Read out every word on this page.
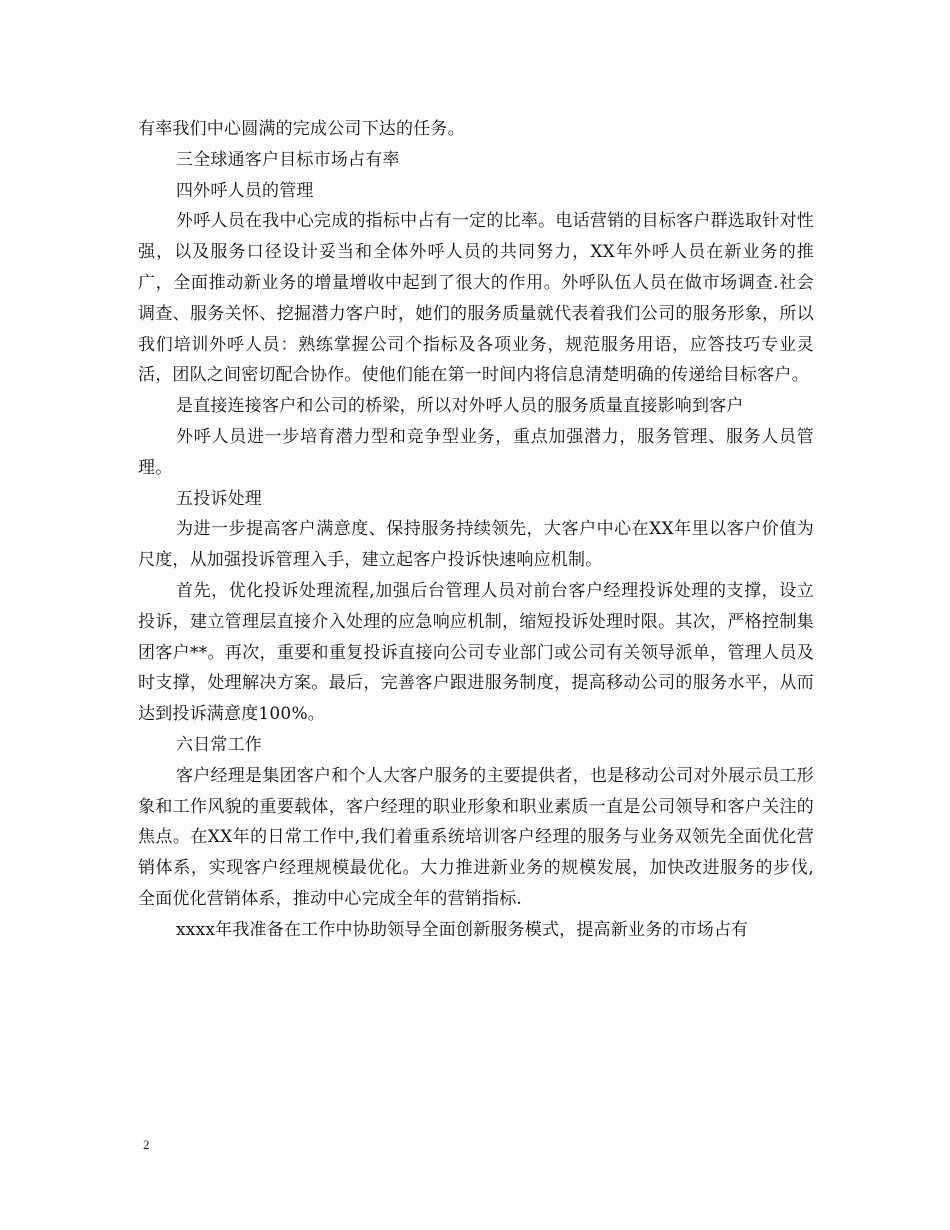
有率我们中心圆满的完成公司下达的任务。

三全球通客户目标市场占有率

四外呼人员的管理

外呼人员在我中心完成的指标中占有一定的比率。电话营销的目标客户群选取针对性强，以及服务口径设计妥当和全体外呼人员的共同努力，XX年外呼人员在新业务的推广，全面推动新业务的增量增收中起到了很大的作用。外呼队伍人员在做市场调查.社会调查、服务关怀、挖掘潜力客户时，她们的服务质量就代表着我们公司的服务形象，所以我们培训外呼人员：熟练掌握公司个指标及各项业务，规范服务用语，应答技巧专业灵活，团队之间密切配合协作。使他们能在第一时间内将信息清楚明确的传递给目标客户。

是直接连接客户和公司的桥梁，所以对外呼人员的服务质量直接影响到客户

外呼人员进一步培育潜力型和竞争型业务，重点加强潜力，服务管理、服务人员管理。

五投诉处理

为进一步提高客户满意度、保持服务持续领先，大客户中心在XX年里以客户价值为尺度，从加强投诉管理入手，建立起客户投诉快速响应机制。

首先，优化投诉处理流程,加强后台管理人员对前台客户经理投诉处理的支撑，设立投诉，建立管理层直接介入处理的应急响应机制，缩短投诉处理时限。其次，严格控制集团客户**。再次，重要和重复投诉直接向公司专业部门或公司有关领导派单，管理人员及时支撑，处理解决方案。最后，完善客户跟进服务制度，提高移动公司的服务水平，从而达到投诉满意度100%。

六日常工作

客户经理是集团客户和个人大客户服务的主要提供者，也是移动公司对外展示员工形象和工作风貌的重要载体，客户经理的职业形象和职业素质一直是公司领导和客户关注的焦点。在XX年的日常工作中,我们着重系统培训客户经理的服务与业务双领先全面优化营销体系，实现客户经理规模最优化。大力推进新业务的规模发展，加快改进服务的步伐,全面优化营销体系，推动中心完成全年的营销指标.

xxxx年我准备在工作中协助领导全面创新服务模式，提高新业务的市场占有

2
